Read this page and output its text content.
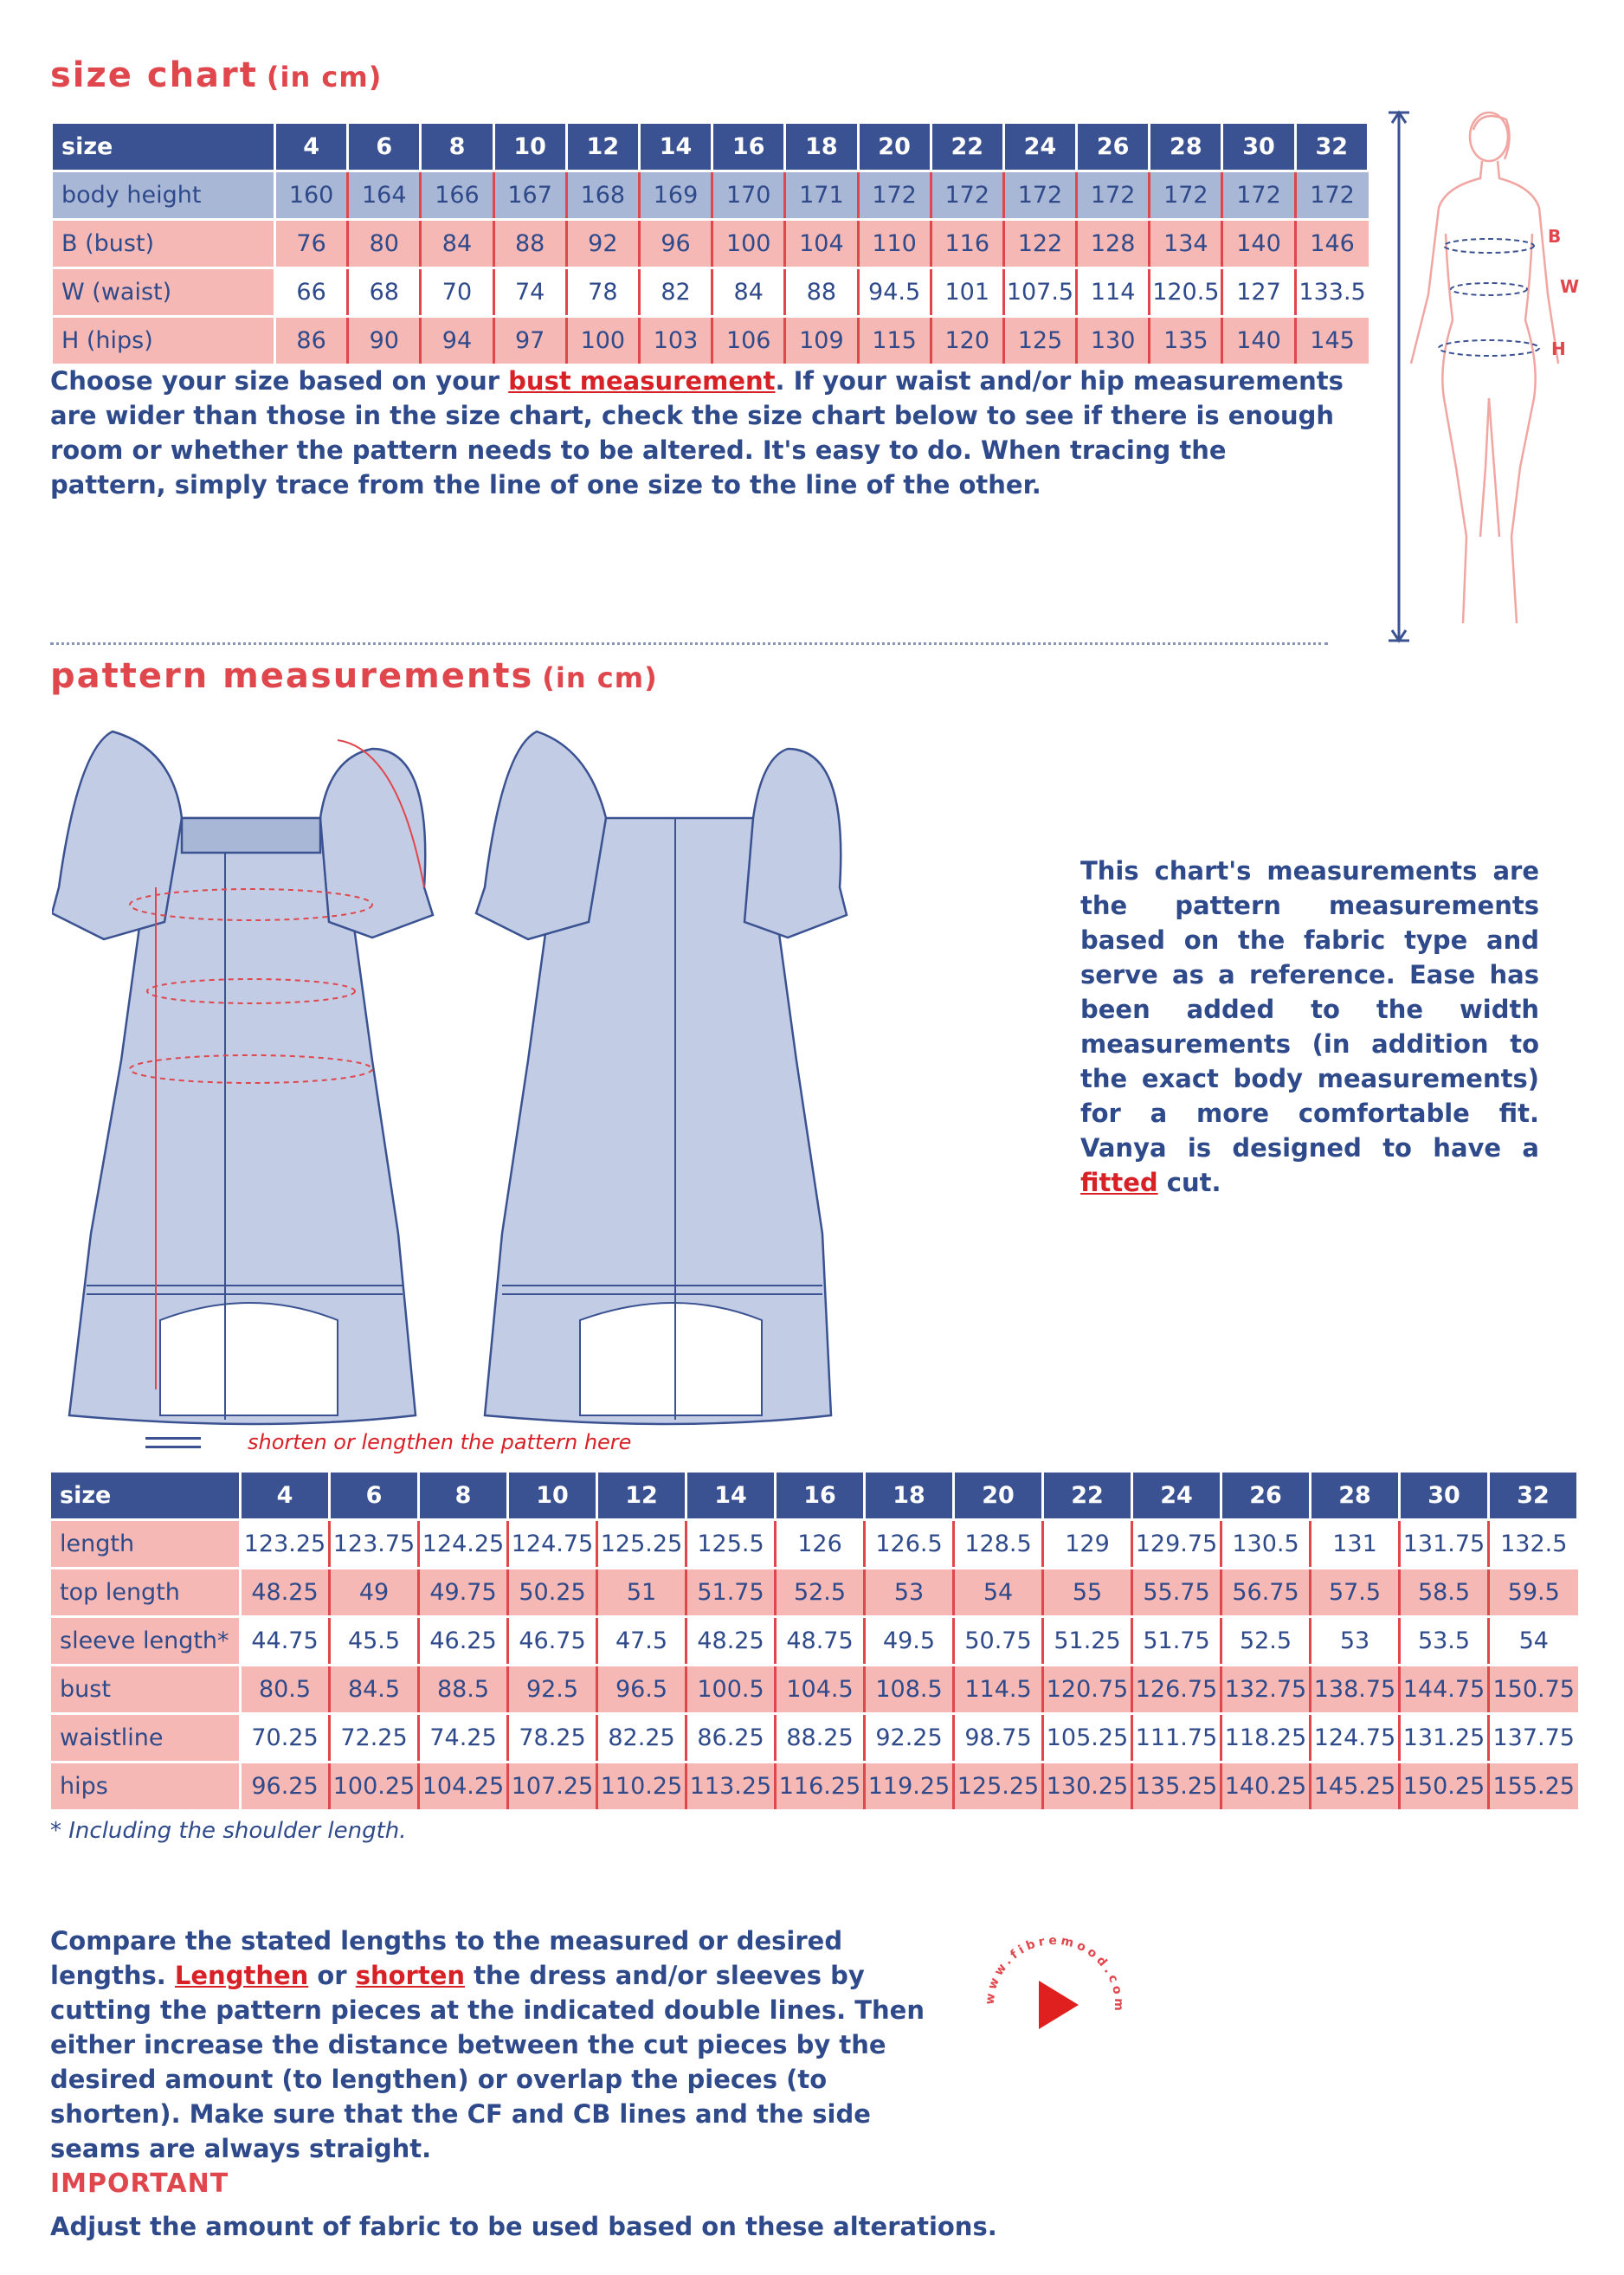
size chart (in cm)
size	4	6	8	10	12	14	16	18	20	22	24	26	28	30	32
body height	160	164	166	167	168	169	170	171	172	172	172	172	172	172	172
B (bust)	76	80	84	88	92	96	100	104	110	116	122	128	134	140	146
W (waist)	66	68	70	74	78	82	84	88	94.5	101	107.5	114	120.5	127	133.5
H (hips)	86	90	94	97	100	103	106	109	115	120	125	130	135	140	145
B
W
H

Choose your size based on your bust measurement. If your waist and/or hip measurements are wider than those in the size chart, check the size chart below to see if there is enough room or whether the pattern needs to be altered. It's easy to do. When tracing the pattern, simply trace from the line of one size to the line of the other.

pattern measurements (in cm)
shorten or lengthen the pattern here

This chart's measurements are the pattern measurements based on the fabric type and serve as a reference. Ease has been added to the width measurements (in addition to the exact body measurements) for a more comfortable fit. Vanya is designed to have a fitted cut.

size	4	6	8	10	12	14	16	18	20	22	24	26	28	30	32
length	123.25	123.75	124.25	124.75	125.25	125.5	126	126.5	128.5	129	129.75	130.5	131	131.75	132.5
top length	48.25	49	49.75	50.25	51	51.75	52.5	53	54	55	55.75	56.75	57.5	58.5	59.5
sleeve length*	44.75	45.5	46.25	46.75	47.5	48.25	48.75	49.5	50.75	51.25	51.75	52.5	53	53.5	54
bust	80.5	84.5	88.5	92.5	96.5	100.5	104.5	108.5	114.5	120.75	126.75	132.75	138.75	144.75	150.75
waistline	70.25	72.25	74.25	78.25	82.25	86.25	88.25	92.25	98.75	105.25	111.75	118.25	124.75	131.25	137.75
hips	96.25	100.25	104.25	107.25	110.25	113.25	116.25	119.25	125.25	130.25	135.25	140.25	145.25	150.25	155.25
* Including the shoulder length.

Compare the stated lengths to the measured or desired lengths. Lengthen or shorten the dress and/or sleeves by cutting the pattern pieces at the indicated double lines. Then either increase the distance between the cut pieces by the desired amount (to lengthen) or overlap the pieces (to shorten). Make sure that the CF and CB lines and the side seams are always straight.

www.fibremood.com
IMPORTANT
Adjust the amount of fabric to be used based on these alterations.
